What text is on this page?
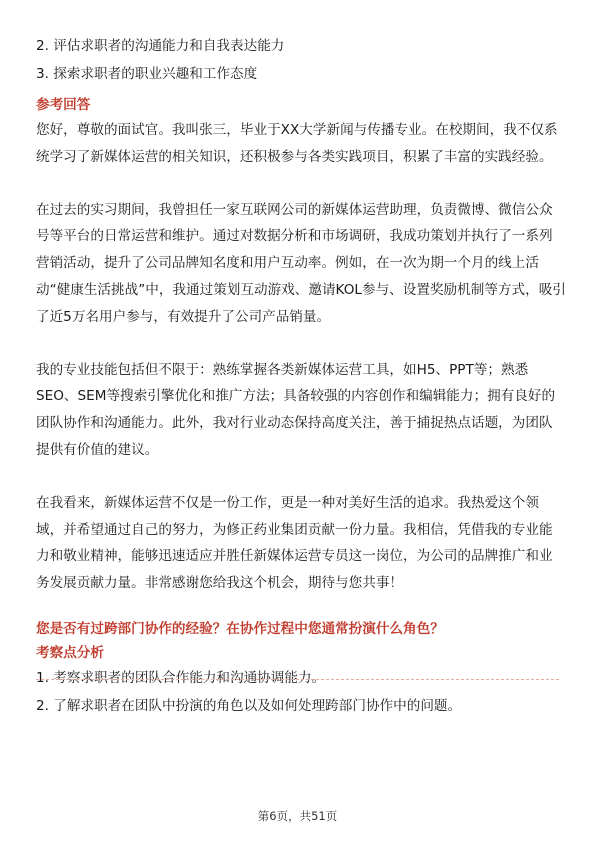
2. 评估求职者的沟通能力和自我表达能力
3. 探索求职者的职业兴趣和工作态度
参考回答

您好，尊敬的面试官。我叫张三，毕业于XX大学新闻与传播专业。在校期间，我不仅系统学习了新媒体运营的相关知识，还积极参与各类实践项目，积累了丰富的实践经验。

在过去的实习期间，我曾担任一家互联网公司的新媒体运营助理，负责微博、微信公众号等平台的日常运营和维护。通过对数据分析和市场调研，我成功策划并执行了一系列营销活动，提升了公司品牌知名度和用户互动率。例如，在一次为期一个月的线上活动“健康生活挑战”中，我通过策划互动游戏、邀请KOL参与、设置奖励机制等方式，吸引了近5万名用户参与，有效提升了公司产品销量。

我的专业技能包括但不限于：熟练掌握各类新媒体运营工具，如H5、PPT等；熟悉SEO、SEM等搜索引擎优化和推广方法；具备较强的内容创作和编辑能力；拥有良好的团队协作和沟通能力。此外，我对行业动态保持高度关注，善于捕捉热点话题，为团队提供有价值的建议。

在我看来，新媒体运营不仅是一份工作，更是一种对美好生活的追求。我热爱这个领域，并希望通过自己的努力，为修正药业集团贡献一份力量。我相信，凭借我的专业能力和敬业精神，能够迅速适应并胜任新媒体运营专员这一岗位，为公司的品牌推广和业务发展贡献力量。非常感谢您给我这个机会，期待与您共事！

您是否有过跨部门协作的经验？在协作过程中您通常扮演什么角色？
考察点分析
1. 考察求职者的团队合作能力和沟通协调能力。
2. 了解求职者在团队中扮演的角色以及如何处理跨部门协作中的问题。
第6页，共51页
